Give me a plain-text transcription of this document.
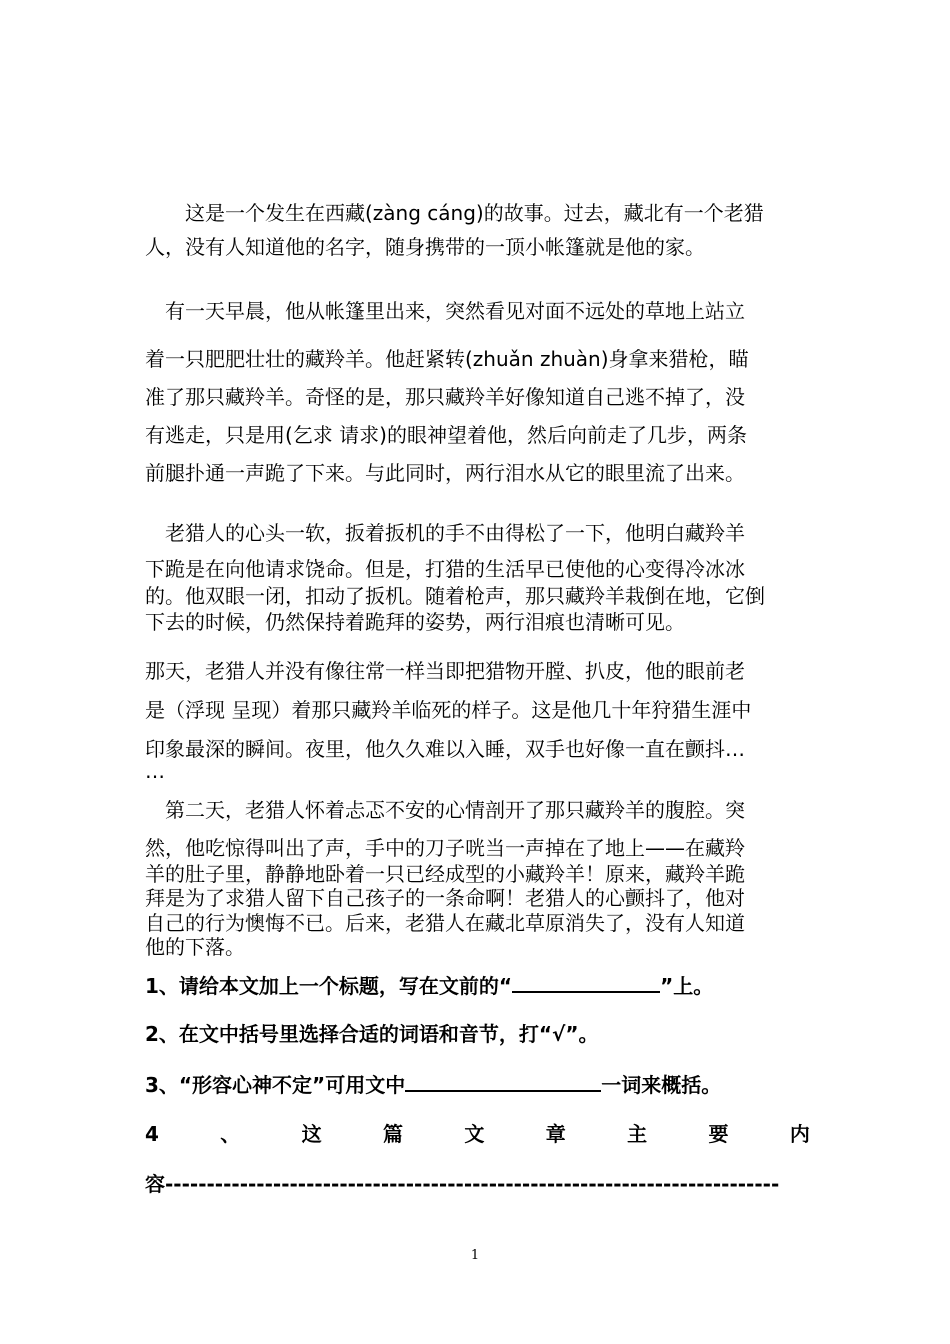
　　这是一个发生在西藏(zàng cáng)的故事。过去，藏北有一个老猎
人，没有人知道他的名字，随身携带的一顶小帐篷就是他的家。
　有一天早晨，他从帐篷里出来，突然看见对面不远处的草地上站立
着一只肥肥壮壮的藏羚羊。他赶紧转(zhuǎn zhuàn)身拿来猎枪，瞄
准了那只藏羚羊。奇怪的是，那只藏羚羊好像知道自己逃不掉了，没
有逃走，只是用(乞求 请求)的眼神望着他，然后向前走了几步，两条
前腿扑通一声跪了下来。与此同时，两行泪水从它的眼里流了出来。
　老猎人的心头一软，扳着扳机的手不由得松了一下，他明白藏羚羊
下跪是在向他请求饶命。但是，打猎的生活早已使他的心变得冷冰冰
的。他双眼一闭，扣动了扳机。随着枪声，那只藏羚羊栽倒在地，它倒
下去的时候，仍然保持着跪拜的姿势，两行泪痕也清晰可见。
那天，老猎人并没有像往常一样当即把猎物开膛、扒皮，他的眼前老
是（浮现 呈现）着那只藏羚羊临死的样子。这是他几十年狩猎生涯中
印象最深的瞬间。夜里，他久久难以入睡，双手也好像一直在颤抖…
…
　第二天，老猎人怀着忐忑不安的心情剖开了那只藏羚羊的腹腔。突
然，他吃惊得叫出了声，手中的刀子咣当一声掉在了地上——在藏羚
羊的肚子里，静静地卧着一只已经成型的小藏羚羊！原来，藏羚羊跪
拜是为了求猎人留下自己孩子的一条命啊！老猎人的心颤抖了，他对
自己的行为懊悔不已。后来，老猎人在藏北草原消失了，没有人知道
他的下落。
1、请给本文加上一个标题，写在文前的“	”上。
2、在文中括号里选择合适的词语和音节，打“√”。
3、“形容心神不定”可用文中	一词来概括。
4	、	这	篇	文	章	主	要	内
容--------------------------------------------------------------------------
1
